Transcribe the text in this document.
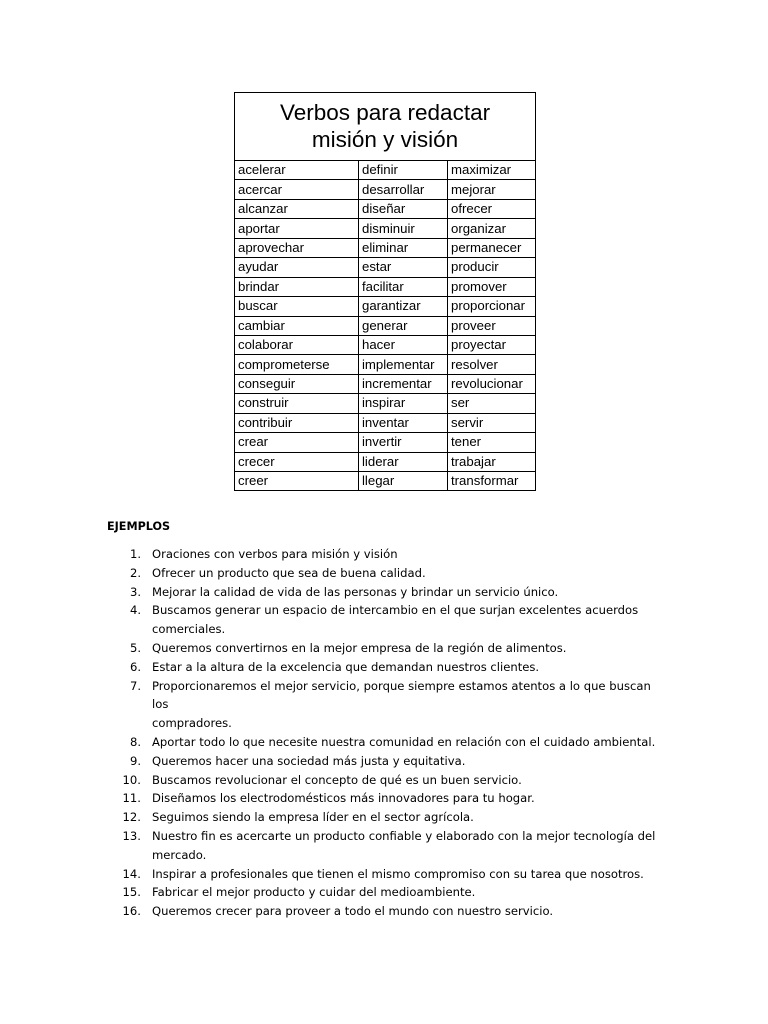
Verbos para redactar
misión y visión		
acelerar	definir	maximizar
acercar	desarrollar	mejorar
alcanzar	diseñar	ofrecer
aportar	disminuir	organizar
aprovechar	eliminar	permanecer
ayudar	estar	producir
brindar	facilitar	promover
buscar	garantizar	proporcionar
cambiar	generar	proveer
colaborar	hacer	proyectar
comprometerse	implementar	resolver
conseguir	incrementar	revolucionar
construir	inspirar	ser
contribuir	inventar	servir
crear	invertir	tener
crecer	liderar	trabajar
creer	llegar	transformar
EJEMPLOS
1. Oraciones con verbos para misión y visión
2. Ofrecer un producto que sea de buena calidad.
3. Mejorar la calidad de vida de las personas y brindar un servicio único.
4. Buscamos generar un espacio de intercambio en el que surjan excelentes acuerdos
comerciales.
5. Queremos convertirnos en la mejor empresa de la región de alimentos.
6. Estar a la altura de la excelencia que demandan nuestros clientes.
7. Proporcionaremos el mejor servicio, porque siempre estamos atentos a lo que buscan los
compradores.
8. Aportar todo lo que necesite nuestra comunidad en relación con el cuidado ambiental.
9. Queremos hacer una sociedad más justa y equitativa.
10. Buscamos revolucionar el concepto de qué es un buen servicio.
11. Diseñamos los electrodomésticos más innovadores para tu hogar.
12. Seguimos siendo la empresa líder en el sector agrícola.
13. Nuestro fin es acercarte un producto confiable y elaborado con la mejor tecnología del
mercado.
14. Inspirar a profesionales que tienen el mismo compromiso con su tarea que nosotros.
15. Fabricar el mejor producto y cuidar del medioambiente.
16. Queremos crecer para proveer a todo el mundo con nuestro servicio.
